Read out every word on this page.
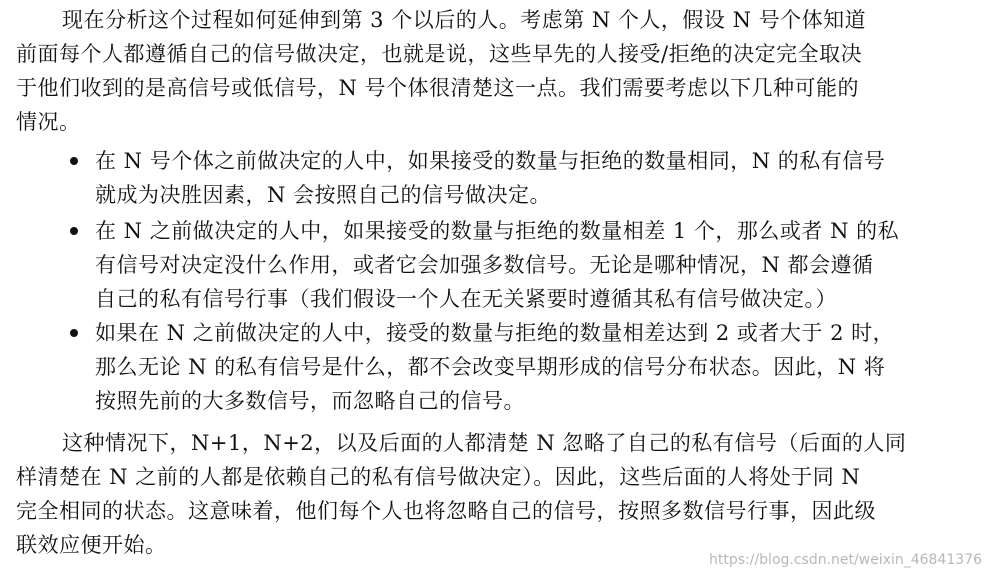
现在分析这个过程如何延伸到第 3 个以后的人。考虑第 N 个人，假设 N 号个体知道
前面每个人都遵循自己的信号做决定，也就是说，这些早先的人接受/拒绝的决定完全取决
于他们收到的是高信号或低信号，N 号个体很清楚这一点。我们需要考虑以下几种可能的
情况。
在 N 号个体之前做决定的人中，如果接受的数量与拒绝的数量相同，N 的私有信号
就成为决胜因素，N 会按照自己的信号做决定。
在 N 之前做决定的人中，如果接受的数量与拒绝的数量相差 1 个，那么或者 N 的私
有信号对决定没什么作用，或者它会加强多数信号。无论是哪种情况，N 都会遵循
自己的私有信号行事（我们假设一个人在无关紧要时遵循其私有信号做决定。）
如果在 N 之前做决定的人中，接受的数量与拒绝的数量相差达到 2 或者大于 2 时，
那么无论 N 的私有信号是什么，都不会改变早期形成的信号分布状态。因此，N 将
按照先前的大多数信号，而忽略自己的信号。
这种情况下，N+1，N+2，以及后面的人都清楚 N 忽略了自己的私有信号（后面的人同
样清楚在 N 之前的人都是依赖自己的私有信号做决定）。因此，这些后面的人将处于同 N
完全相同的状态。这意味着，他们每个人也将忽略自己的信号，按照多数信号行事，因此级
联效应便开始。
https://blog.csdn.net/weixin_46841376
